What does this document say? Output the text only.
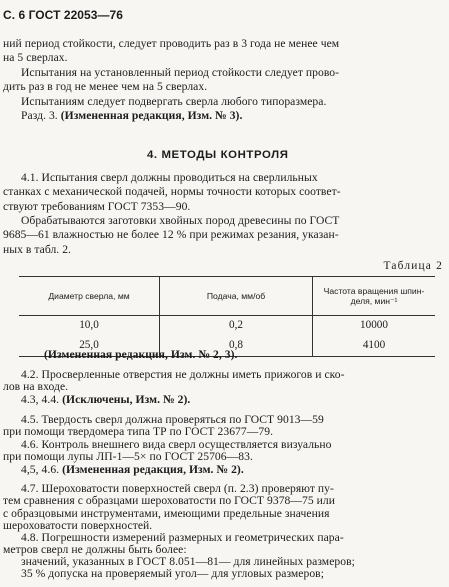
С. 6 ГОСТ 22053—76
ний период стойкости, следует проводить раз в 3 года не менее чем
на 5 сверлах.
Испытания на установленный период стойкости следует прово-
дить раз в год не менее чем на 5 сверлах.
Испытаниям следует подвергать сверла любого типоразмера.
Разд. 3. (Измененная редакция, Изм. № 3).
4. МЕТОДЫ КОНТРОЛЯ
4.1. Испытания сверл должны проводиться на сверлильных
станках с механической подачей, нормы точности которых соответ-
ствуют требованиям ГОСТ 7353—90.
Обрабатываются заготовки хвойных пород древесины по ГОСТ
9685—61 влажностью не более 12 % при режимах резания, указан-
ных в табл. 2.
Таблица 2
Диаметр сверла, мм	Подача, мм/об	Частота вращения шпин-
деля, мин⁻¹

10,0	0,2	10000
25,0	0,8	4100
(Измененная редакция, Изм. № 2, 3).
4.2. Просверленные отверстия не должны иметь прижогов и ско-
лов на входе.
4.3, 4.4. (Исключены, Изм. № 2).
4.5. Твердость сверл должна проверяться по ГОСТ 9013—59
при помощи твердомера типа ТР по ГОСТ 23677—79.
4.6. Контроль внешнего вида сверл осуществляется визуально
при помощи лупы ЛП-1—5× по ГОСТ 25706—83.
4,5, 4.6. (Измененная редакция, Изм. № 2).
4.7. Шероховатости поверхностей сверл (п. 2.3) проверяют пу-
тем сравнения с образцами шероховатости по ГОСТ 9378—75 или
с образцовыми инструментами, имеющими предельные значения
шероховатости поверхностей.
4.8. Погрешности измерений размерных и геометрических пара-
метров сверл не должны быть более:
значений, указанных в ГОСТ 8.051—81— для линейных размеров;
35 % допуска на проверяемый угол— для угловых размеров;
